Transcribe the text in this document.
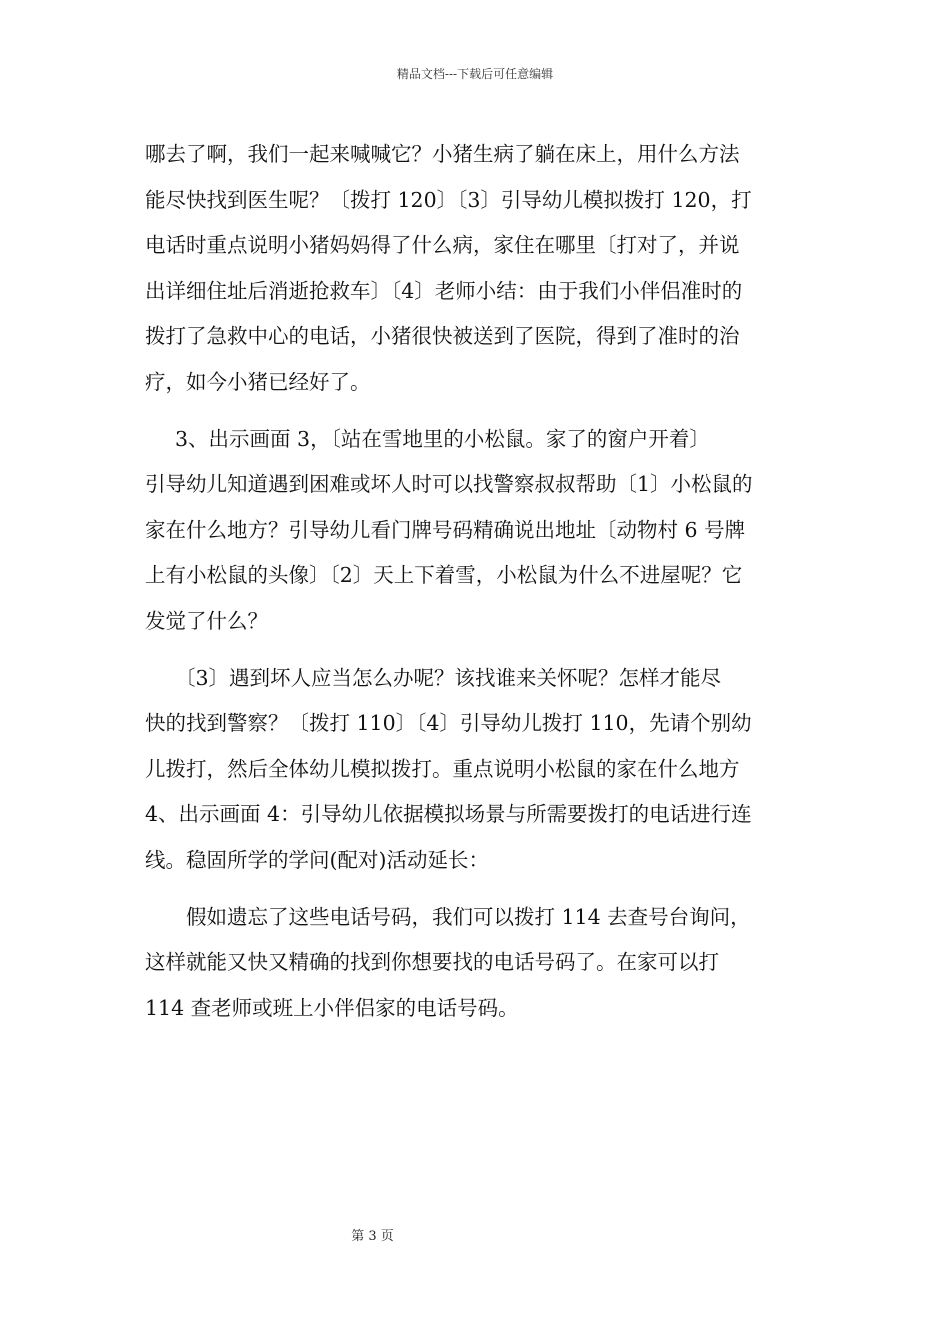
精品文档---下载后可任意编辑
哪去了啊，我们一起来喊喊它？小猪生病了躺在床上，用什么方法
能尽快找到医生呢？〔拨打 120〕〔3〕引导幼儿模拟拨打 120，打
电话时重点说明小猪妈妈得了什么病，家住在哪里〔打对了，并说
出详细住址后消逝抢救车〕〔4〕老师小结：由于我们小伴侣准时的
拨打了急救中心的电话，小猪很快被送到了医院，得到了准时的治
疗，如今小猪已经好了。
3、出示画面 3，〔站在雪地里的小松鼠。家了的窗户开着〕
引导幼儿知道遇到困难或坏人时可以找警察叔叔帮助〔1〕小松鼠的
家在什么地方？引导幼儿看门牌号码精确说出地址〔动物村 6 号牌
上有小松鼠的头像〕〔2〕天上下着雪，小松鼠为什么不进屋呢？它
发觉了什么？
〔3〕遇到坏人应当怎么办呢？该找谁来关怀呢？怎样才能尽
快的找到警察？〔拨打 110〕〔4〕引导幼儿拨打 110，先请个别幼
儿拨打，然后全体幼儿模拟拨打。重点说明小松鼠的家在什么地方
4、出示画面 4：引导幼儿依据模拟场景与所需要拨打的电话进行连
线。稳固所学的学问(配对)活动延长：
假如遗忘了这些电话号码，我们可以拨打 114 去查号台询问，
这样就能又快又精确的找到你想要找的电话号码了。在家可以打
114 查老师或班上小伴侣家的电话号码。
第 3 页
